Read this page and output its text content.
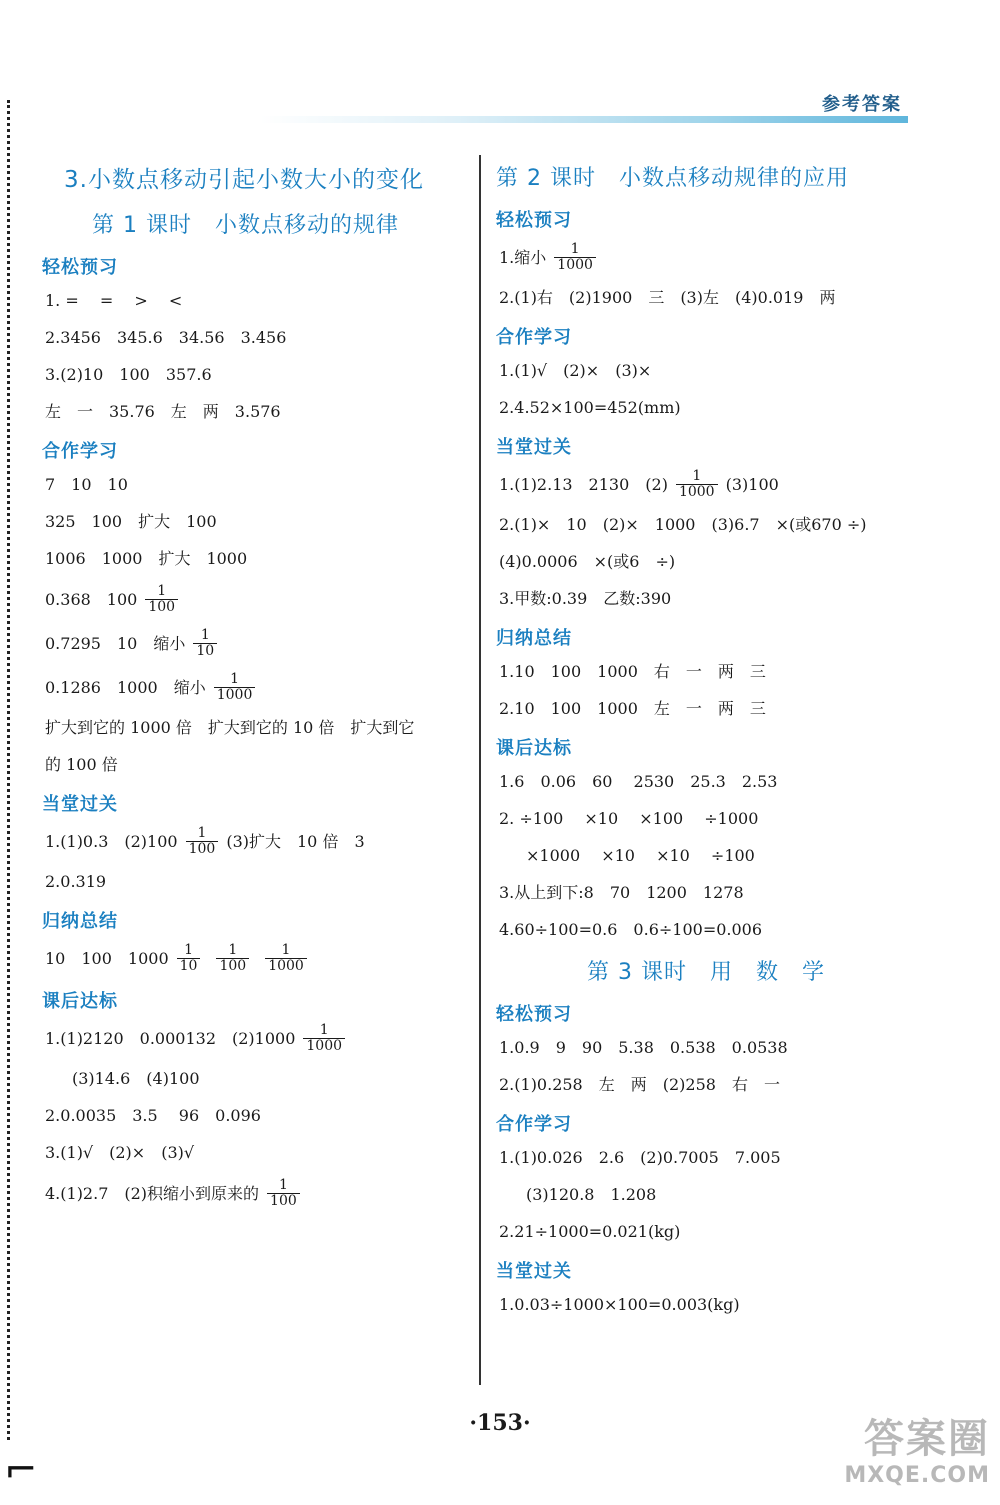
⌐
参考答案
3.小数点移动引起小数大小的变化
第 1 课时　小数点移动的规律
轻松预习
1. =　 =　 >　 <
2.3456　345.6　34.56　3.456
3.(2)10　100　357.6
左　一　35.76　左　两　3.576
合作学习
7　10　10
325　100　扩大　100
1006　1000　扩大　1000
0.368　$100 \frac{1}{100}$
0.7295　10　缩小 $\frac{1}{10}$
0.1286　1000　缩小 $\frac{1}{1000}$
扩大到它的 1000 倍　扩大到它的 10 倍　扩大到它
的 100 倍
当堂过关
1.(1)0.3　$(2)100 \frac{1}{100} (3)$扩大　10 倍　3
2.0.319
归纳总结
10　100　$1000 \frac{1}{10} \frac{1}{100} \frac{1}{1000}$
课后达标
1.(1)2120　0.000132　$(2)1000 \frac{1}{1000}$
(3)14.6　(4)100
2.0.0035　3.5　 96　0.096
3.(1)√　(2)×　(3)√
4.(1)2.7　(2)积缩小到原来的 $\frac{1}{100}$
第 2 课时　小数点移动规律的应用
轻松预习
1.缩小 $\frac{1}{1000}$
2.(1)右　(2)1900　三　(3)左　(4)0.019　两
合作学习
1.(1)√　(2)×　(3)×
2.4.52×100=452(mm)
当堂过关
1.(1)2.13　2130　$(2) \frac{1}{1000} (3)100$
2.(1)×　10　(2)×　1000　(3)6.7　×(或670 ÷)
(4)0.0006　×(或6　÷)
3.甲数:0.39　乙数:390
归纳总结
1.10　100　1000　右　一　两　三
2.10　100　1000　左　一　两　三
课后达标
1.6　0.06　60　 2530　25.3　2.53
2. ÷100　 ×10　 ×100　 ÷1000
×1000　 ×10　 ×10　 ÷100
3.从上到下:8　70　1200　1278
4.60÷100=0.6　0.6÷100=0.006
第 3 课时　用　数　学
轻松预习
1.0.9　9　90　5.38　0.538　0.0538
2.(1)0.258　左　两　(2)258　右　一
合作学习
1.(1)0.026　2.6　(2)0.7005　7.005
(3)120.8　1.208
2.21÷1000=0.021(kg)
当堂过关
1.0.03÷1000×100=0.003(kg)
·153·	答案圈
MXQE.COM
